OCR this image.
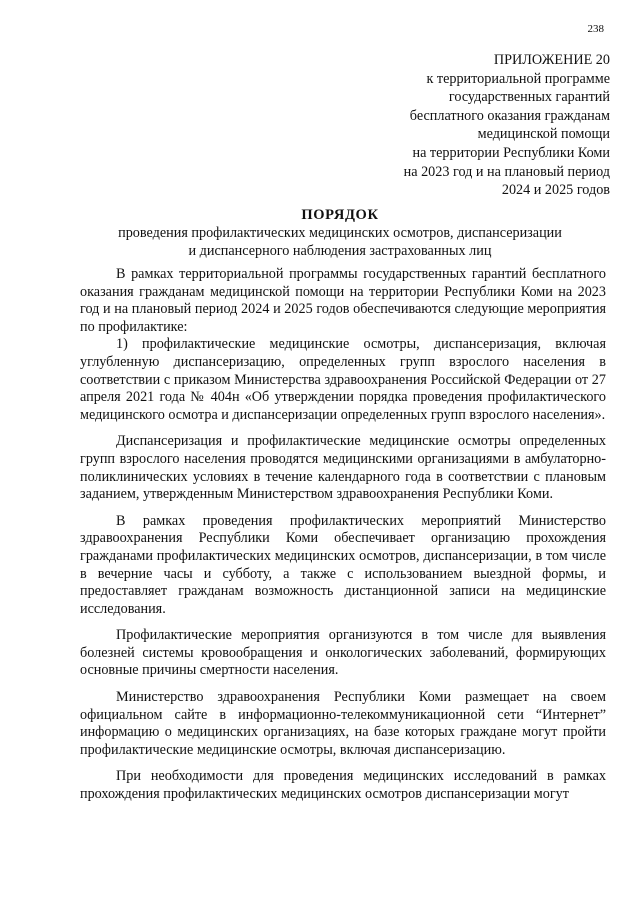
238
ПРИЛОЖЕНИЕ 20
к территориальной программе
государственных гарантий
бесплатного оказания гражданам
медицинской помощи
на территории Республики Коми
на 2023 год и на плановый период
2024 и 2025 годов
ПОРЯДОК
проведения профилактических медицинских осмотров, диспансеризации
и диспансерного наблюдения застрахованных лиц

В рамках территориальной программы государственных гарантий бесплатного оказания гражданам медицинской помощи на территории Республики Коми на 2023 год и на плановый период 2024 и 2025 годов обеспечиваются следующие мероприятия по профилактике:

1) профилактические медицинские осмотры, диспансеризация, включая углубленную диспансеризацию, определенных групп взрослого населения в соответствии с приказом Министерства здравоохранения Российской Федерации от 27 апреля 2021 года № 404н «Об утверждении порядка проведения профилактического медицинского осмотра и диспансеризации определенных групп взрослого населения».

Диспансеризация и профилактические медицинские осмотры определенных групп взрослого населения проводятся медицинскими организациями в амбулаторно-поликлинических условиях в течение календарного года в соответствии с плановым заданием, утвержденным Министерством здравоохранения Республики Коми.

В рамках проведения профилактических мероприятий Министерство здравоохранения Республики Коми обеспечивает организацию прохождения гражданами профилактических медицинских осмотров, диспансеризации, в том числе в вечерние часы и субботу, а также с использованием выездной формы, и предоставляет гражданам возможность дистанционной записи на медицинские исследования.

Профилактические мероприятия организуются в том числе для выявления болезней системы кровообращения и онкологических заболеваний, формирующих основные причины смертности населения.

Министерство здравоохранения Республики Коми размещает на своем официальном сайте в информационно-телекоммуникационной сети “Интернет” информацию о медицинских организациях, на базе которых граждане могут пройти профилактические медицинские осмотры, включая диспансеризацию.

При необходимости для проведения медицинских исследований в рамках прохождения профилактических медицинских осмотров диспансеризации могут
